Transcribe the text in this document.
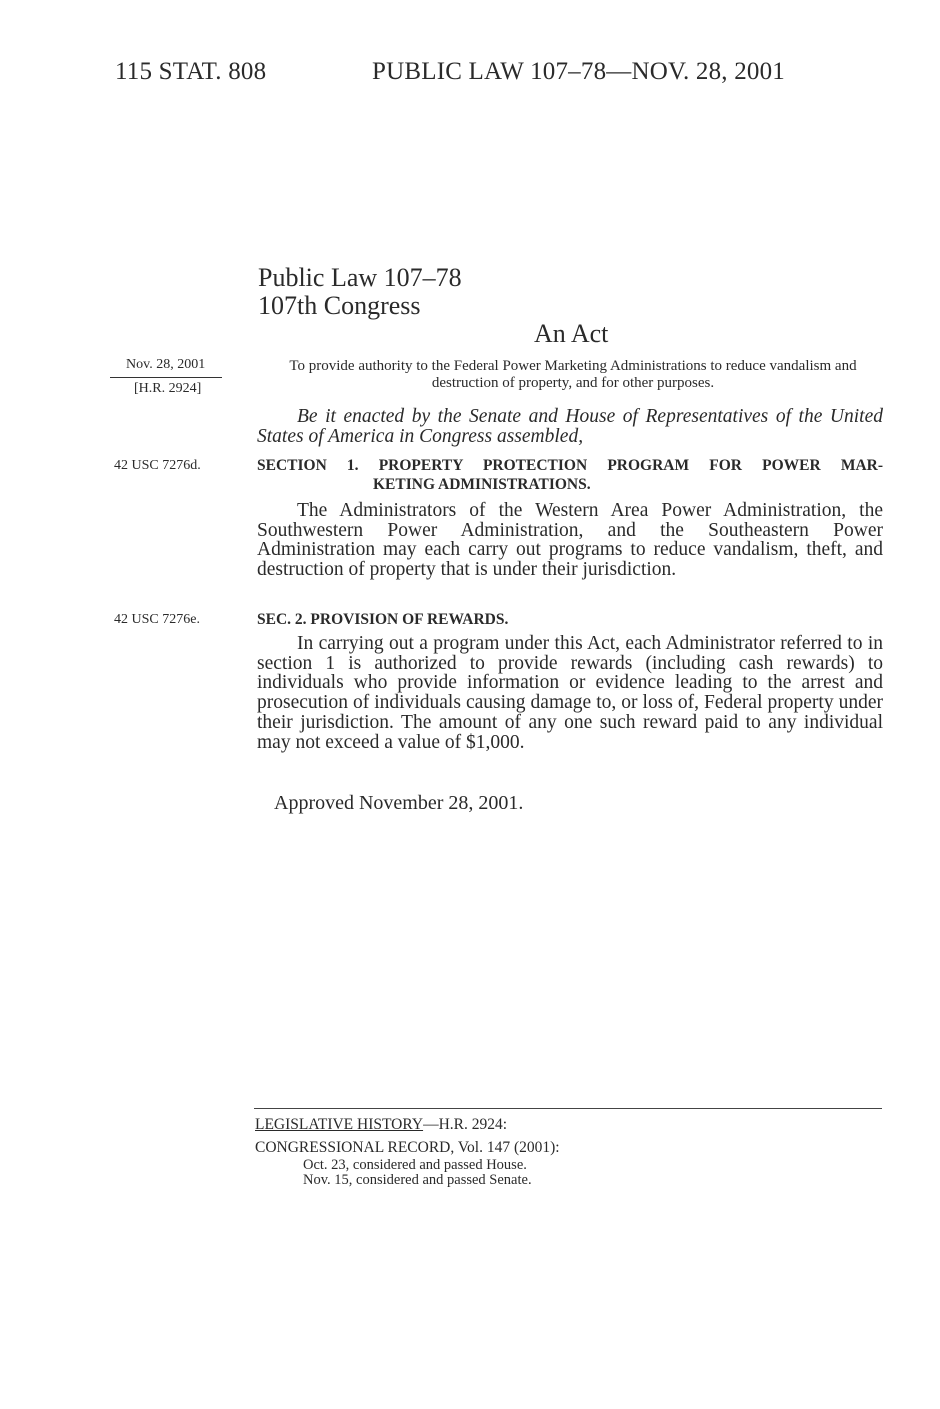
115 STAT. 808	PUBLIC LAW 107–78—NOV. 28, 2001
Public Law 107–78
107th Congress
An Act
Nov. 28, 2001
[H.R. 2924]
To provide authority to the Federal Power Marketing Administrations to reduce vandalism and destruction of property, and for other purposes.
Be it enacted by the Senate and House of Representatives of the United States of America in Congress assembled,
42 USC 7276d.	SECTION 1. PROPERTY PROTECTION PROGRAM FOR POWER MAR-
KETING ADMINISTRATIONS.
The Administrators of the Western Area Power Administration, the Southwestern Power Administration, and the Southeastern Power Administration may each carry out programs to reduce vandalism, theft, and destruction of property that is under their jurisdiction.
42 USC 7276e.	SEC. 2. PROVISION OF REWARDS.
In carrying out a program under this Act, each Administrator referred to in section 1 is authorized to provide rewards (including cash rewards) to individuals who provide information or evidence leading to the arrest and prosecution of individuals causing damage to, or loss of, Federal property under their jurisdiction. The amount of any one such reward paid to any individual may not exceed a value of $1,000.
Approved November 28, 2001.
LEGISLATIVE HISTORY—H.R. 2924:
CONGRESSIONAL RECORD, Vol. 147 (2001):
Oct. 23, considered and passed House.
Nov. 15, considered and passed Senate.
